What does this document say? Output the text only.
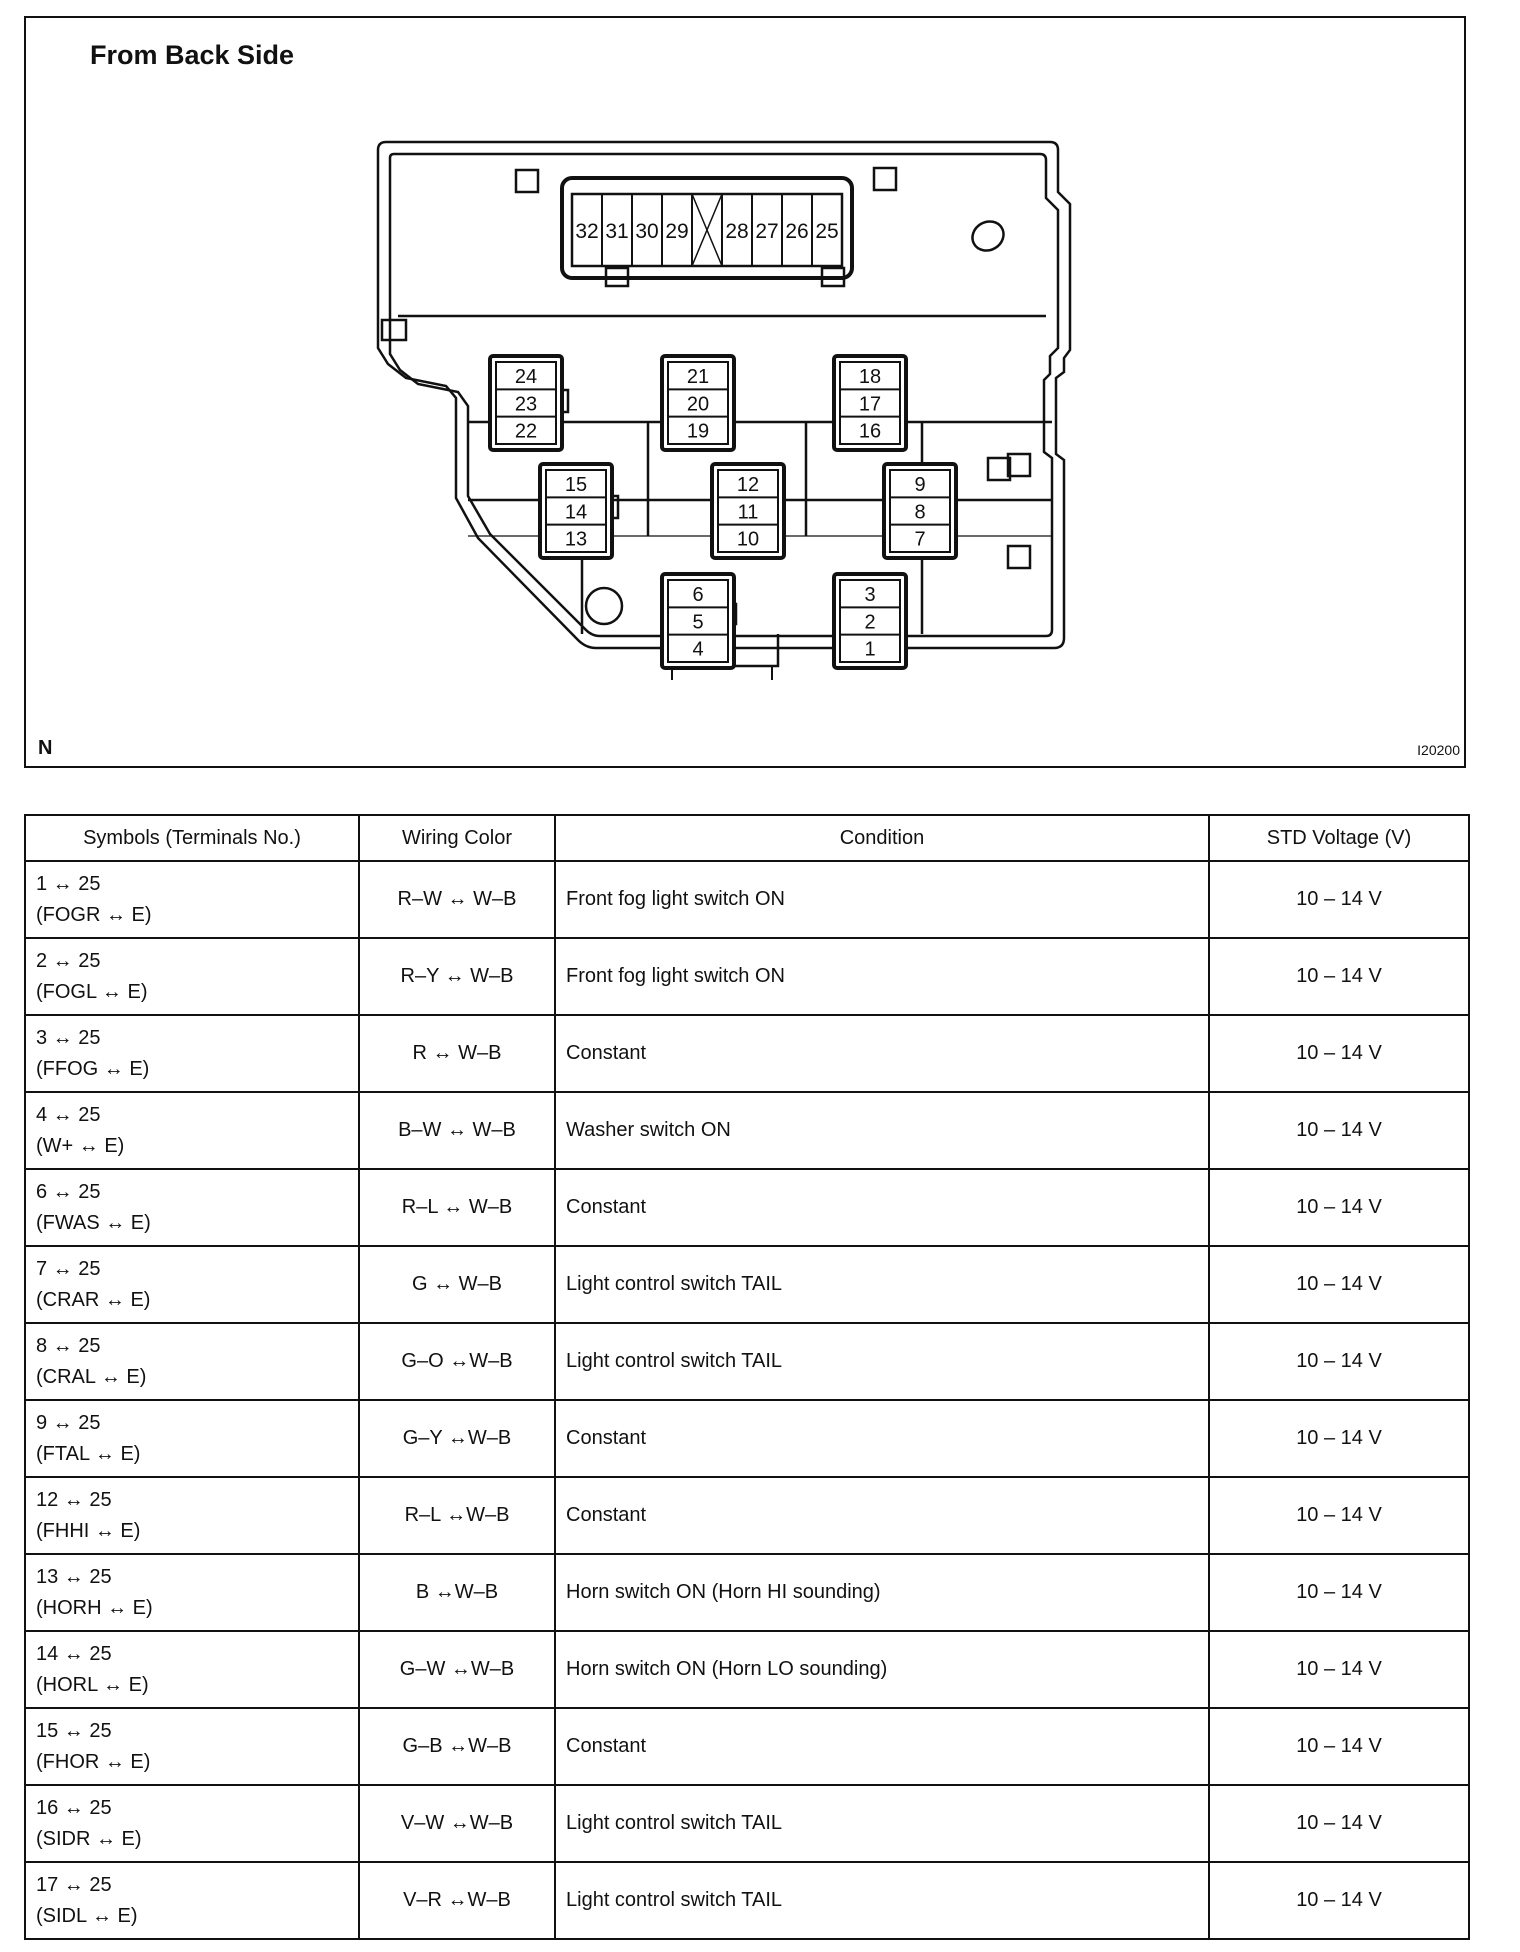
From Back Side
32 31 30 29 28 27 26 25
24
23
22
21
20
19
18
17
16
15
14
13
12
11
10
9
8
7
6
5
4
3
2
1
N	I20200
Symbols (Terminals No.)	Wiring Color	Condition	STD Voltage (V)

1 ↔ 25
(FOGR ↔ E)	R–W ↔ W–B	Front fog light switch ON	10 – 14 V

2 ↔ 25
(FOGL ↔ E)	R–Y ↔ W–B	Front fog light switch ON	10 – 14 V

3 ↔ 25
(FFOG ↔ E)	R ↔ W–B	Constant	10 – 14 V

4 ↔ 25
(W+ ↔ E)	B–W ↔ W–B	Washer switch ON	10 – 14 V

6 ↔ 25
(FWAS ↔ E)	R–L ↔ W–B	Constant	10 – 14 V

7 ↔ 25
(CRAR ↔ E)	G ↔ W–B	Light control switch TAIL	10 – 14 V

8 ↔ 25
(CRAL ↔ E)	G–O ↔W–B	Light control switch TAIL	10 – 14 V

9 ↔ 25
(FTAL ↔ E)	G–Y ↔W–B	Constant	10 – 14 V

12 ↔ 25
(FHHI ↔ E)	R–L ↔W–B	Constant	10 – 14 V

13 ↔ 25
(HORH ↔ E)	B ↔W–B	Horn switch ON (Horn HI sounding)	10 – 14 V

14 ↔ 25
(HORL ↔ E)	G–W ↔W–B	Horn switch ON (Horn LO sounding)	10 – 14 V

15 ↔ 25
(FHOR ↔ E)	G–B ↔W–B	Constant	10 – 14 V

16 ↔ 25
(SIDR ↔ E)	V–W ↔W–B	Light control switch TAIL	10 – 14 V

17 ↔ 25
(SIDL ↔ E)	V–R ↔W–B	Light control switch TAIL	10 – 14 V
